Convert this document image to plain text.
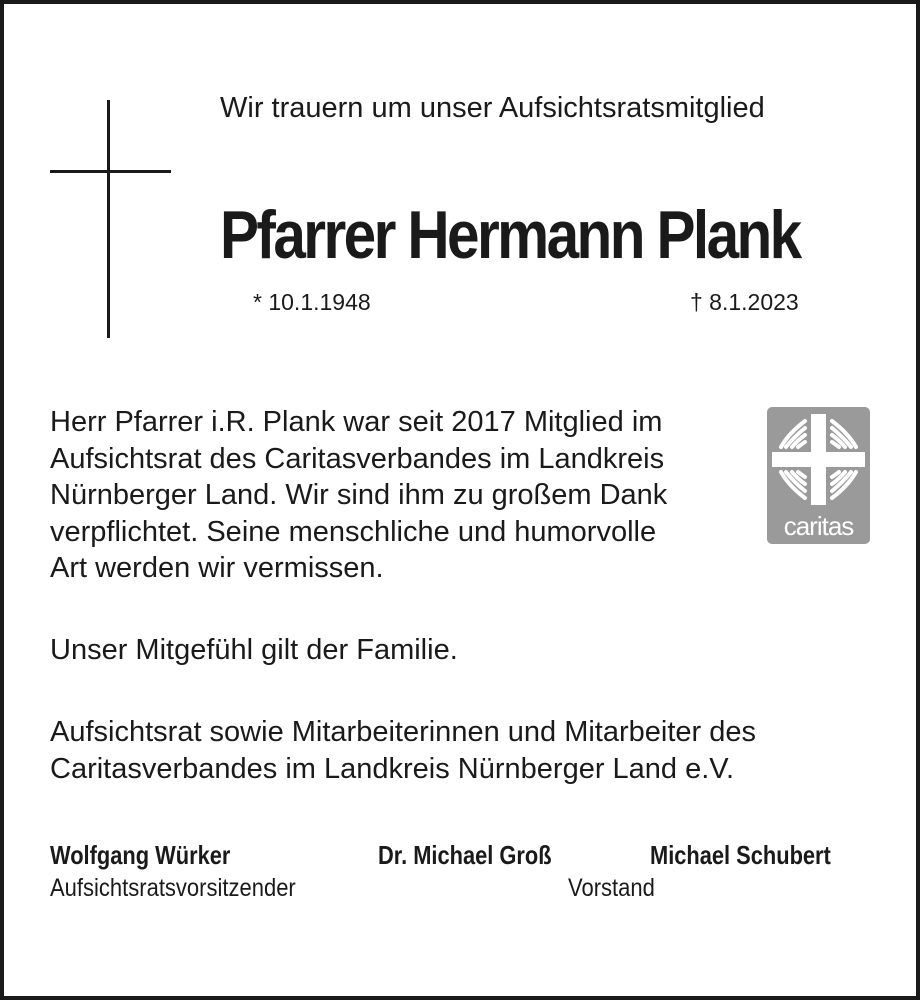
Wir trauern um unser Aufsichtsratsmitglied
Pfarrer Hermann Plank
* 10.1.1948	† 8.1.2023
Herr Pfarrer i.R. Plank war seit 2017 Mitglied im
Aufsichtsrat des Caritasverbandes im Landkreis
Nürnberger Land. Wir sind ihm zu großem Dank
verpflichtet. Seine menschliche und humorvolle
Art werden wir vermissen.
caritas
Unser Mitgefühl gilt der Familie.
Aufsichtsrat sowie Mitarbeiterinnen und Mitarbeiter des
Caritasverbandes im Landkreis Nürnberger Land e.V.
Wolfgang Würker	Dr. Michael Groß	Michael Schubert
Aufsichtsratsvorsitzender	Vorstand
